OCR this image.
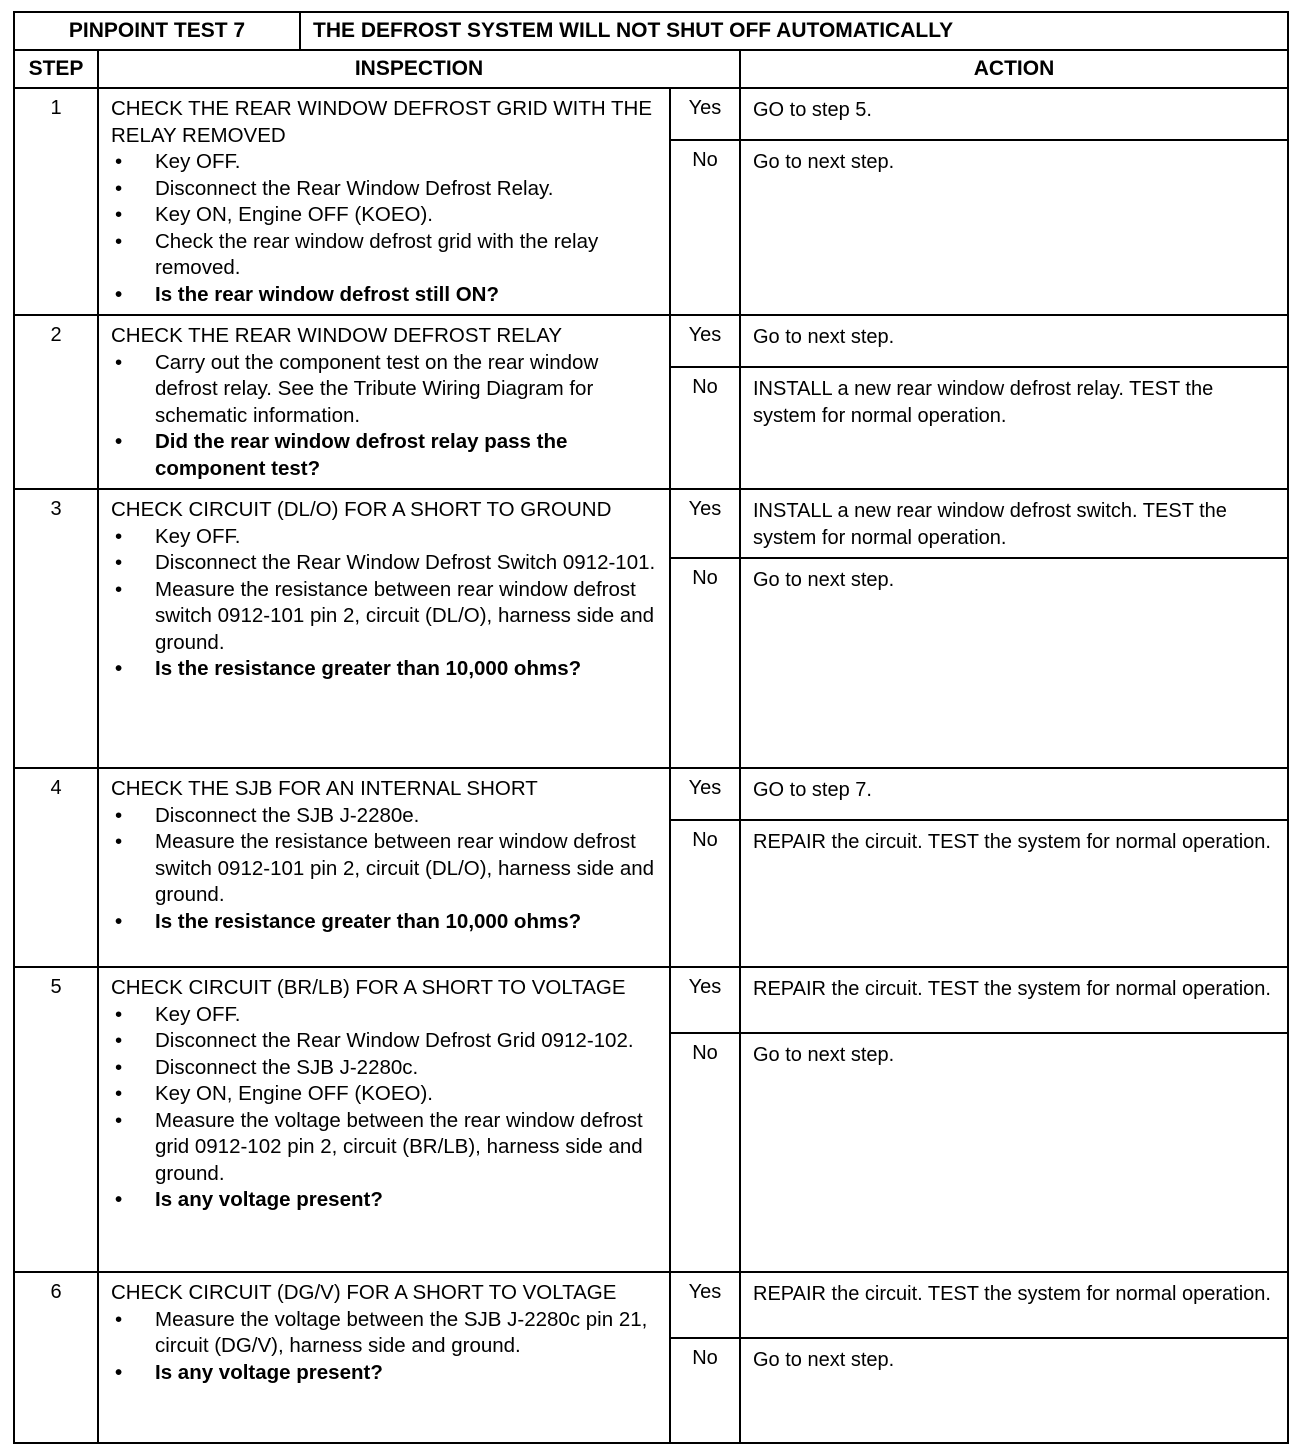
PINPOINT TEST 7	THE DEFROST SYSTEM WILL NOT SHUT OFF AUTOMATICALLY

STEP	INSPECTION	ACTION
1	CHECK THE REAR WINDOW DEFROST GRID WITH THE RELAY REMOVED
• Key OFF.
• Disconnect the Rear Window Defrost Relay.
• Key ON, Engine OFF (KOEO).
• Check the rear window defrost grid with the relay removed.
• Is the rear window defrost still ON?
	Yes	GO to step 5.
No	Go to next step.
2	CHECK THE REAR WINDOW DEFROST RELAY
• Carry out the component test on the rear window defrost relay. See the Tribute Wiring Diagram for schematic information.
• Did the rear window defrost relay pass the component test?
	Yes	Go to next step.
No	INSTALL a new rear window defrost relay. TEST the system for normal operation.
3	CHECK CIRCUIT (DL/O) FOR A SHORT TO GROUND
• Key OFF.
• Disconnect the Rear Window Defrost Switch 0912-101.
• Measure the resistance between rear window defrost switch 0912-101 pin 2, circuit (DL/O), harness side and ground.
• Is the resistance greater than 10,000 ohms?
	Yes	INSTALL a new rear window defrost switch. TEST the system for normal operation.
No	Go to next step.
4	CHECK THE SJB FOR AN INTERNAL SHORT
• Disconnect the SJB J-2280e.
• Measure the resistance between rear window defrost switch 0912-101 pin 2, circuit (DL/O), harness side and ground.
• Is the resistance greater than 10,000 ohms?
	Yes	GO to step 7.
No	REPAIR the circuit. TEST the system for normal operation.
5	CHECK CIRCUIT (BR/LB) FOR A SHORT TO VOLTAGE
• Key OFF.
• Disconnect the Rear Window Defrost Grid 0912-102.
• Disconnect the SJB J-2280c.
• Key ON, Engine OFF (KOEO).
• Measure the voltage between the rear window defrost grid 0912-102 pin 2, circuit (BR/LB), harness side and ground.
• Is any voltage present?
	Yes	REPAIR the circuit. TEST the system for normal operation.
No	Go to next step.
6	CHECK CIRCUIT (DG/V) FOR A SHORT TO VOLTAGE
• Measure the voltage between the SJB J-2280c pin 21, circuit (DG/V), harness side and ground.
• Is any voltage present?
	Yes	REPAIR the circuit. TEST the system for normal operation.
No	Go to next step.
